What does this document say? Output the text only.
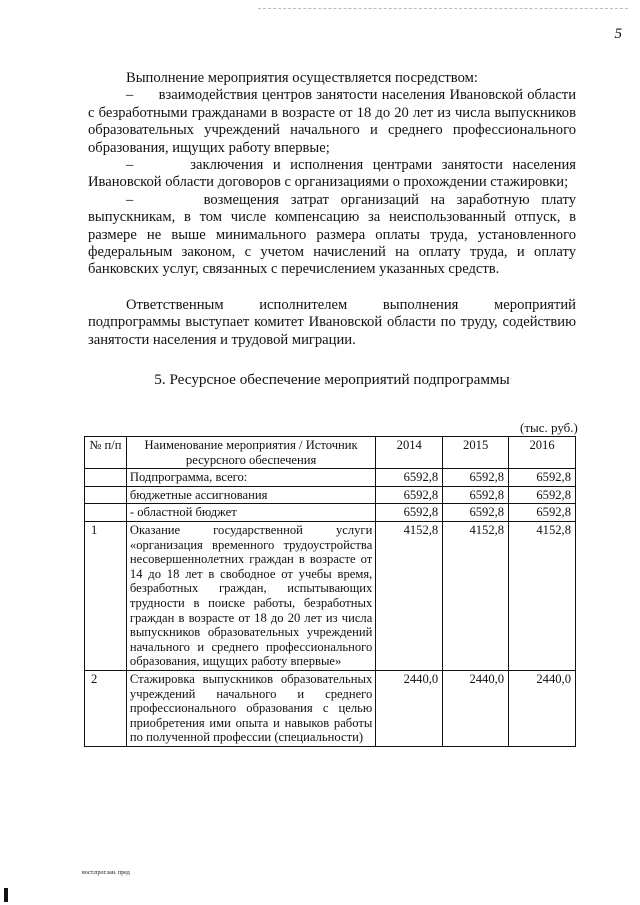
5

Выполнение мероприятия осуществляется посредством:

–      взаимодействия центров занятости населения Ивановской области с безработными гражданами в возрасте от 18 до 20 лет из числа выпускников образовательных учреждений начального и среднего профессионального образования, ищущих работу впервые;

–      заключения и исполнения центрами занятости населения Ивановской области договоров с организациями о прохождении стажировки;

–      возмещения затрат организаций на заработную плату выпускникам, в том числе компенсацию за неиспользованный отпуск, в размере не выше минимального размера оплаты труда, установленного федеральным законом, с учетом начислений на оплату труда, и оплату банковских услуг, связанных с перечислением указанных средств.

Ответственным исполнителем выполнения мероприятий подпрограммы выступает комитет Ивановской области по труду, содействию занятости населения и трудовой миграции.

5. Ресурсное обеспечение мероприятий подпрограммы
(тыс. руб.)
№ п/п	Наименование мероприятия / Источник ресурсного обеспечения	2014	2015	2016
	Подпрограмма, всего:	6592,8	6592,8	6592,8
	бюджетные ассигнования	6592,8	6592,8	6592,8
	- областной бюджет	6592,8	6592,8	6592,8
1	Оказание государственной услуги «организация временного трудоустройства несовершеннолетних граждан в возрасте от 14 до 18 лет в свободное от учебы время, безработных граждан, испытывающих трудности в поиске работы, безработных граждан в возрасте от 18 до 20 лет из числа выпускников образовательных учреждений начального и среднего профессионального образования, ищущих работу впервые»	4152,8	4152,8	4152,8
2	Стажировка выпускников образовательных учреждений начального и среднего профессионального образования с целью приобретения ими опыта и навыков работы по полученной профессии (специальности)	2440,0	2440,0	2440,0
вост.прог.зан. пред
